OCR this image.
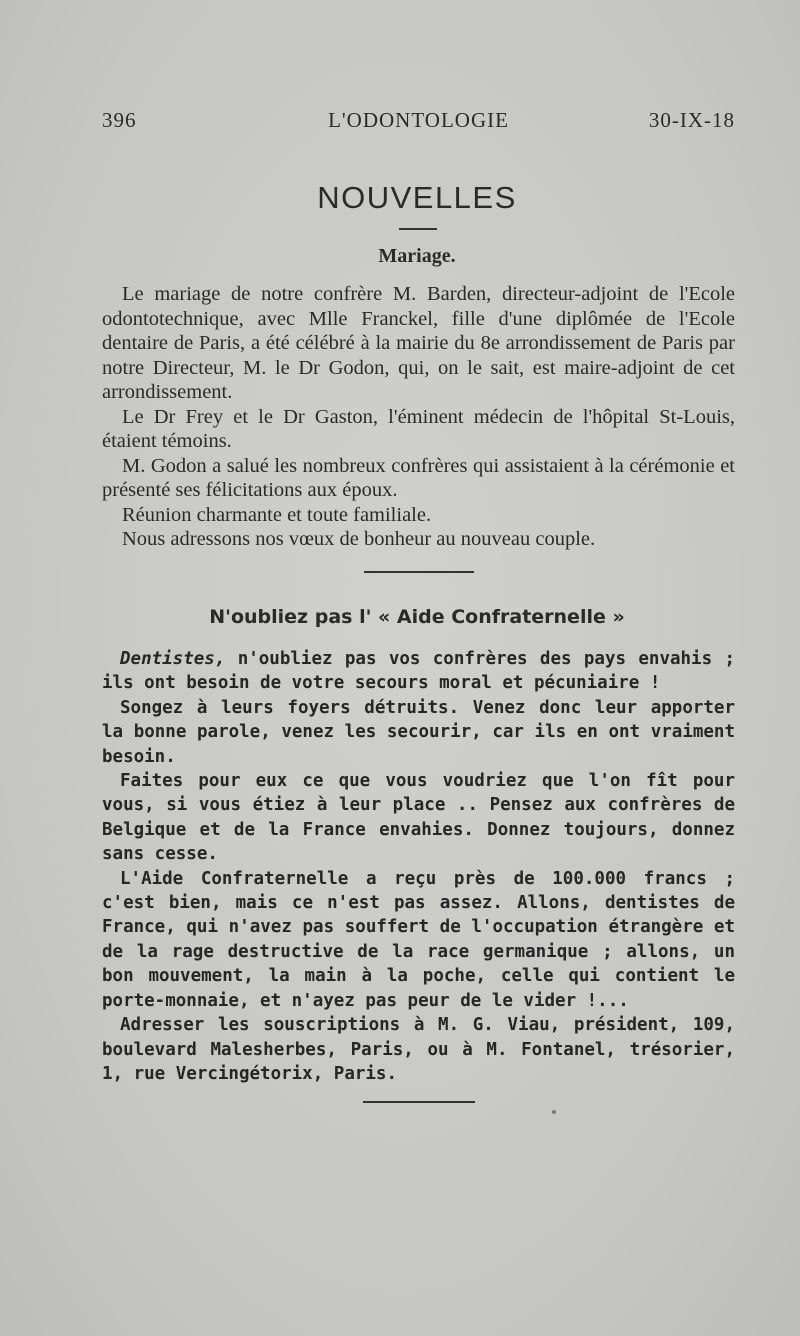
396	L'ODONTOLOGIE	30-IX-18
NOUVELLES
Mariage.

Le mariage de notre confrère M. Barden, directeur-adjoint de l'Ecole odontotechnique, avec Mlle Franckel, fille d'une diplômée de l'Ecole dentaire de Paris, a été célébré à la mairie du 8e arrondissement de Paris par notre Directeur, M. le Dr Godon, qui, on le sait, est maire-adjoint de cet arrondissement.

Le Dr Frey et le Dr Gaston, l'éminent médecin de l'hôpital St-Louis, étaient témoins.

M. Godon a salué les nombreux confrères qui assistaient à la cérémonie et présenté ses félicitations aux époux.

Réunion charmante et toute familiale.

Nous adressons nos vœux de bonheur au nouveau couple.

N'oubliez pas l' « Aide Confraternelle »

Dentistes, n'oubliez pas vos confrères des pays envahis ; ils ont besoin de votre secours moral et pécuniaire !

Songez à leurs foyers détruits. Venez donc leur apporter la bonne parole, venez les secourir, car ils en ont vraiment besoin.

Faites pour eux ce que vous voudriez que l'on fît pour vous, si vous étiez à leur place .. Pensez aux confrères de Belgique et de la France envahies. Donnez toujours, donnez sans cesse.

L'Aide Confraternelle a reçu près de 100.000 francs ; c'est bien, mais ce n'est pas assez. Allons, dentistes de France, qui n'avez pas souffert de l'occupation étrangère et de la rage destructive de la race germanique ; allons, un bon mouvement, la main à la poche, celle qui contient le porte-monnaie, et n'ayez pas peur de le vider !...

Adresser les souscriptions à M. G. Viau, président, 109, boulevard Malesherbes, Paris, ou à M. Fontanel, trésorier, 1, rue Vercingétorix, Paris.
